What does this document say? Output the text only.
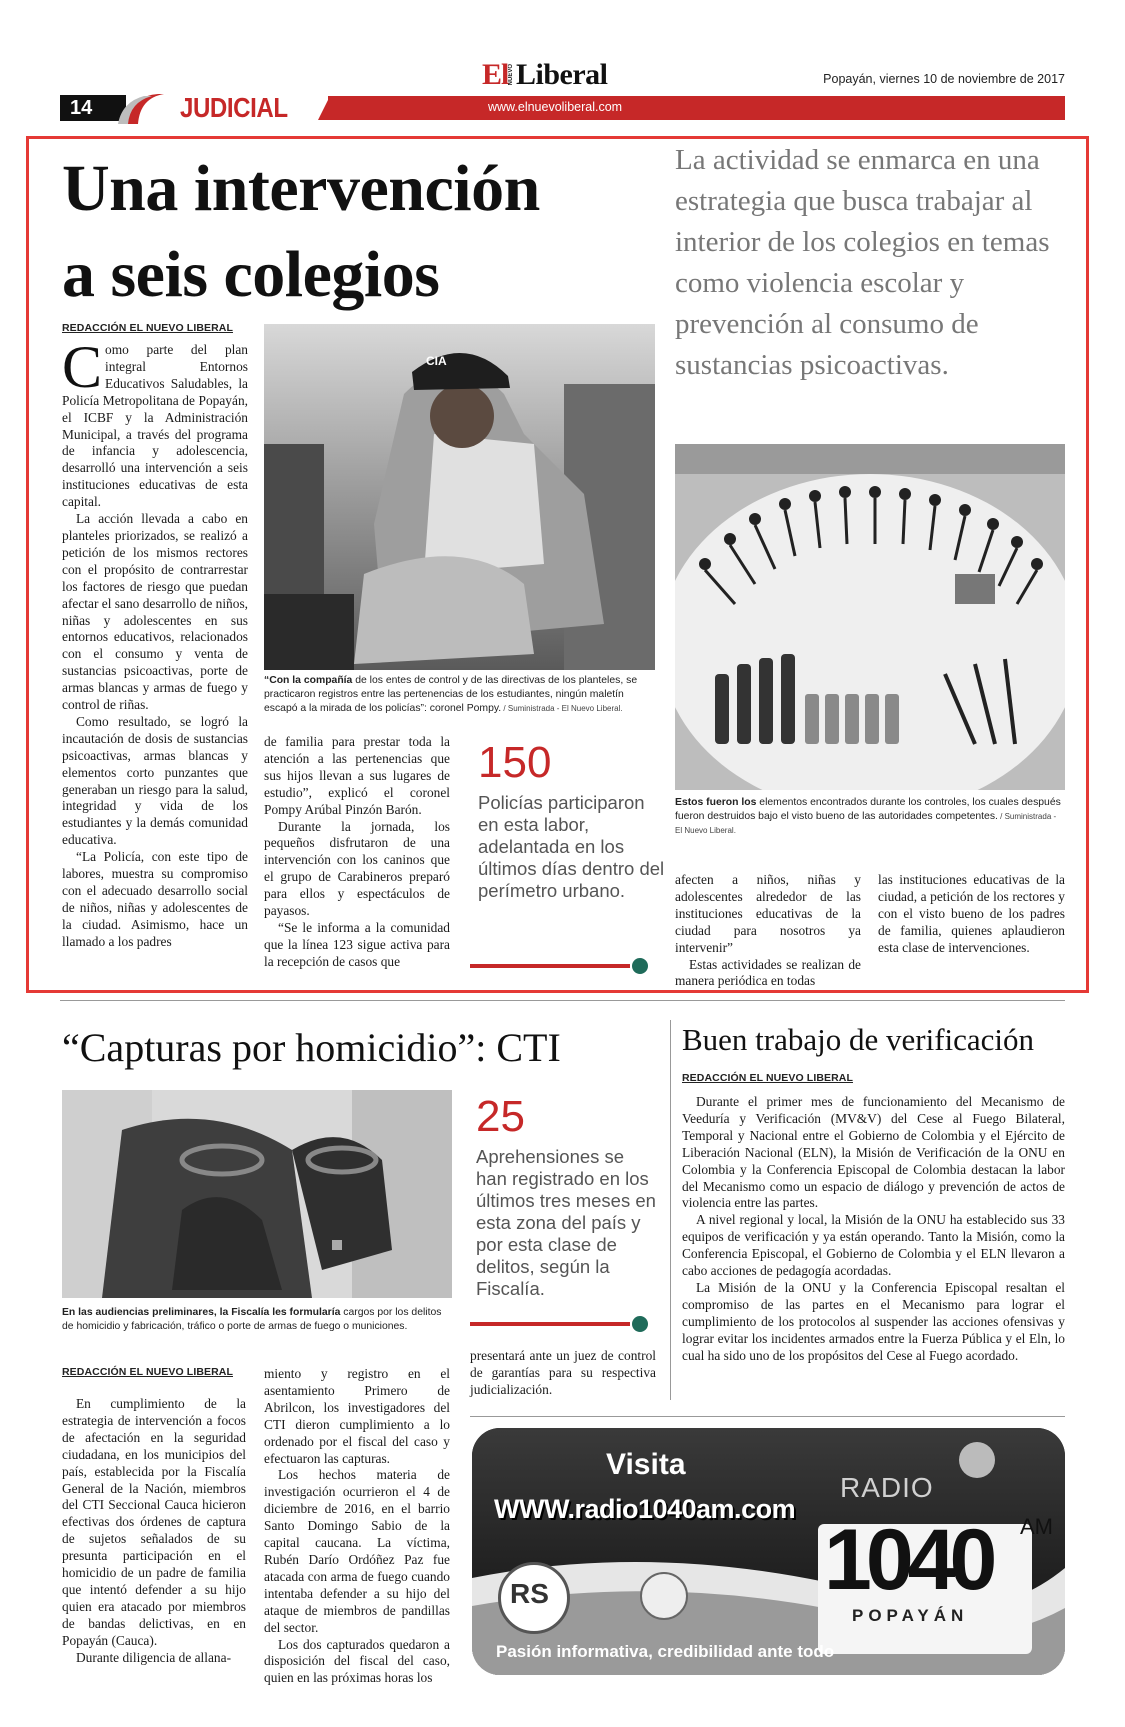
El NUEVO Liberal	Popayán, viernes 10 de noviembre de 2017
14	JUDICIAL	www.elnuevoliberal.com
Una intervención
a seis colegios
La actividad se enmarca en una estrategia que busca trabajar al interior de los colegios en temas como violencia escolar y prevención al consumo de sustancias psicoactivas.
REDACCIÓN EL NUEVO LIBERAL

Como parte del plan integral Entornos Educativos Saludables, la Policía Metropolitana de Popayán, el ICBF y la Administración Municipal, a través del programa de infancia y adolescencia, desarrolló una intervención a seis instituciones educativas de esta capital.

La acción llevada a cabo en planteles priorizados, se realizó a petición de los mismos rectores con el propósito de contrarrestar los factores de riesgo que puedan afectar el sano desarrollo de niños, niñas y adolescentes en sus entornos educativos, relacionados con el consumo y venta de sustancias psicoactivas, porte de armas blancas y armas de fuego y control de riñas.

Como resultado, se logró la incautación de dosis de sustancias psicoactivas, armas blancas y elementos corto punzantes que generaban un riesgo para la salud, integridad y vida de los estudiantes y la demás comunidad educativa.

“La Policía, con este tipo de labores, muestra su compromiso con el adecuado desarrollo social de niños, niñas y adolescentes de la ciudad. Asimismo, hace un llamado a los padres

CIA
“Con la compañía de los entes de control y de las directivas de los planteles, se practicaron registros entre las pertenencias de los estudiantes, ningún maletín escapó a la mirada de los policías”: coronel Pompy. / Suministrada - El Nuevo Liberal.

de familia para prestar toda la atención a las pertenencias que sus hijos llevan a sus lugares de estudio”, explicó el coronel Pompy Arúbal Pinzón Barón.

Durante la jornada, los pequeños disfrutaron de una intervención con los caninos que el grupo de Carabineros preparó para ellos y espectáculos de payasos.

“Se le informa a la comunidad que la línea 123 sigue activa para la recepción de casos que

150
Policías participaron en esta labor, adelantada en los últimos días dentro del perímetro urbano.
Estos fueron los elementos encontrados durante los controles, los cuales después fueron destruidos bajo el visto bueno de las autoridades competentes. / Suministrada - El Nuevo Liberal.

afecten a niños, niñas y adolescentes alrededor de las instituciones educativas de la ciudad para nosotros ya intervenir”

Estas actividades se realizan de manera periódica en todas

las instituciones educativas de la ciudad, a petición de los rectores y con el visto bueno de los padres de familia, quienes aplaudieron esta clase de intervenciones.

“Capturas por homicidio”: CTI
En las audiencias preliminares, la Fiscalía les formularía cargos por los delitos de homicidio y fabricación, tráfico o porte de armas de fuego o municiones.
REDACCIÓN EL NUEVO LIBERAL

En cumplimiento de la estrategia de intervención a focos de afectación en la seguridad ciudadana, en los municipios del país, establecida por la Fiscalía General de la Nación, miembros del CTI Seccional Cauca hicieron efectivas dos órdenes de captura de sujetos señalados de su presunta participación en el homicidio de un padre de familia que intentó defender a su hijo quien era atacado por miembros de bandas delictivas, en en Popayán (Cauca).

Durante diligencia de allana-

miento y registro en el asentamiento Primero de Abrilcon, los investigadores del CTI dieron cumplimiento a lo ordenado por el fiscal del caso y efectuaron las capturas.

Los hechos materia de investigación ocurrieron el 4 de diciembre de 2016, en el barrio Santo Domingo Sabio de la capital caucana. La víctima, Rubén Darío Ordóñez Paz fue atacada con arma de fuego cuando intentaba defender a su hijo del ataque de miembros de pandillas del sector.

Los dos capturados quedaron a disposición del fiscal del caso, quien en las próximas horas los

25
Aprehensiones se han registrado en los últimos tres meses en esta zona del país y por esta clase de delitos, según la Fiscalía.

presentará ante un juez de control de garantías para su respectiva judicialización.

Buen trabajo de verificación
REDACCIÓN EL NUEVO LIBERAL

Durante el primer mes de funcionamiento del Mecanismo de Veeduría y Verificación (MV&V) del Cese al Fuego Bilateral, Temporal y Nacional entre el Gobierno de Colombia y el Ejército de Liberación Nacional (ELN), la Misión de Verificación de la ONU en Colombia y la Conferencia Episcopal de Colombia destacan la labor del Mecanismo como un espacio de diálogo y prevención de actos de violencia entre las partes.

A nivel regional y local, la Misión de la ONU ha establecido sus 33 equipos de verificación y ya están operando. Tanto la Misión, como la Conferencia Episcopal, el Gobierno de Colombia y el ELN llevaron a cabo acciones de pedagogía acordadas.

La Misión de la ONU y la Conferencia Episcopal resaltan el compromiso de las partes en el Mecanismo para lograr el cumplimiento de los protocolos al suspender las acciones ofensivas y lograr evitar los incidentes armados entre la Fuerza Pública y el Eln, lo cual ha sido uno de los propósitos del Cese al Fuego acordado.

Visita
WWW.radio1040am.com
RADIO
1040 AM
POPAYÁN
RS
Pasión informativa, credibilidad ante todo
